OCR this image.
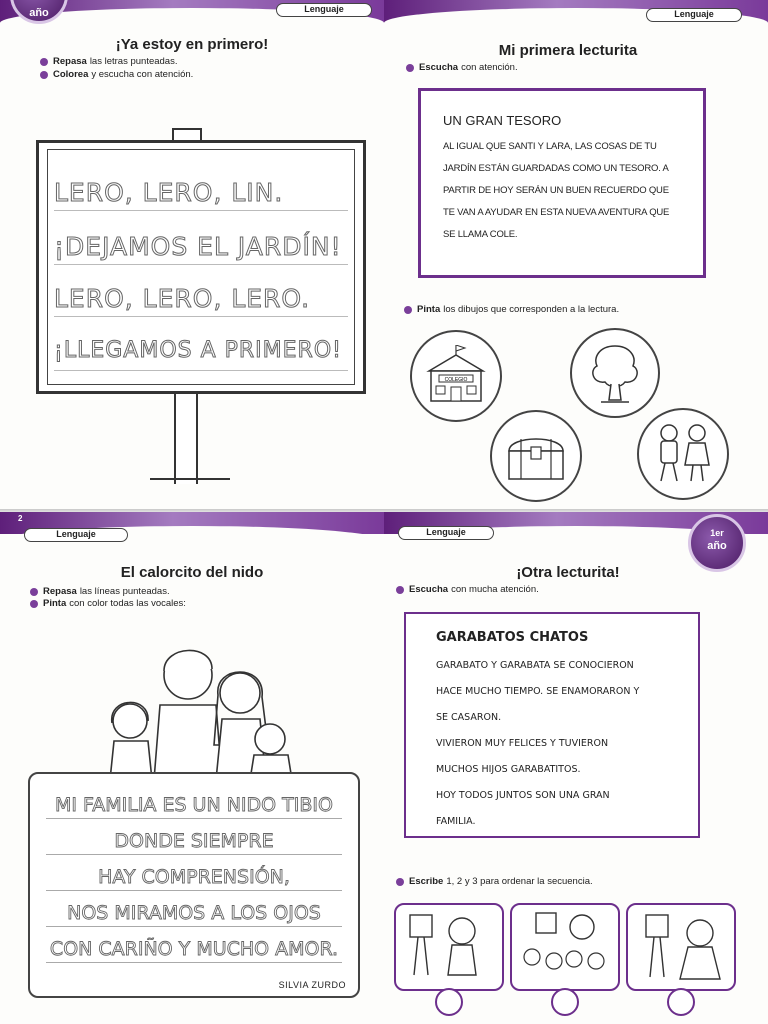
año	Lenguaje
¡Ya estoy en primero!
Repasa las letras punteadas.
Colorea y escucha con atención.
LERO, LERO, LIN.
¡DEJAMOS EL JARDÍN!
LERO, LERO, LERO.
¡LLEGAMOS A PRIMERO!
Lenguaje
Mi primera lecturita
Escucha con atención.
UN GRAN TESORO
AL IGUAL QUE SANTI Y LARA, LAS COSAS DE TU
JARDÍN ESTÁN GUARDADAS COMO UN TESORO. A
PARTIR DE HOY SERÁN UN BUEN RECUERDO QUE
TE VAN A AYUDAR EN ESTA NUEVA AVENTURA QUE
SE LLAMA COLE.
Pinta los dibujos que corresponden a la lectura.
COLEGIO
2
Lenguaje
El calorcito del nido
Repasa las líneas punteadas.
Pinta con color todas las vocales:
MI FAMILIA ES UN NIDO TIBIO
DONDE SIEMPRE
HAY COMPRENSIÓN,
NOS MIRAMOS A LOS OJOS
CON CARIÑO Y MUCHO AMOR.
SILVIA ZURDO
Lenguaje	1er
año
¡Otra lecturita!
Escucha con mucha atención.
GARABATOS CHATOS
GARABATO Y GARABATA SE CONOCIERON
HACE MUCHO TIEMPO. SE ENAMORARON Y
SE CASARON.
VIVIERON MUY FELICES Y TUVIERON
MUCHOS HIJOS GARABATITOS.
HOY TODOS JUNTOS SON UNA GRAN
FAMILIA.
Escribe 1, 2 y 3 para ordenar la secuencia.
